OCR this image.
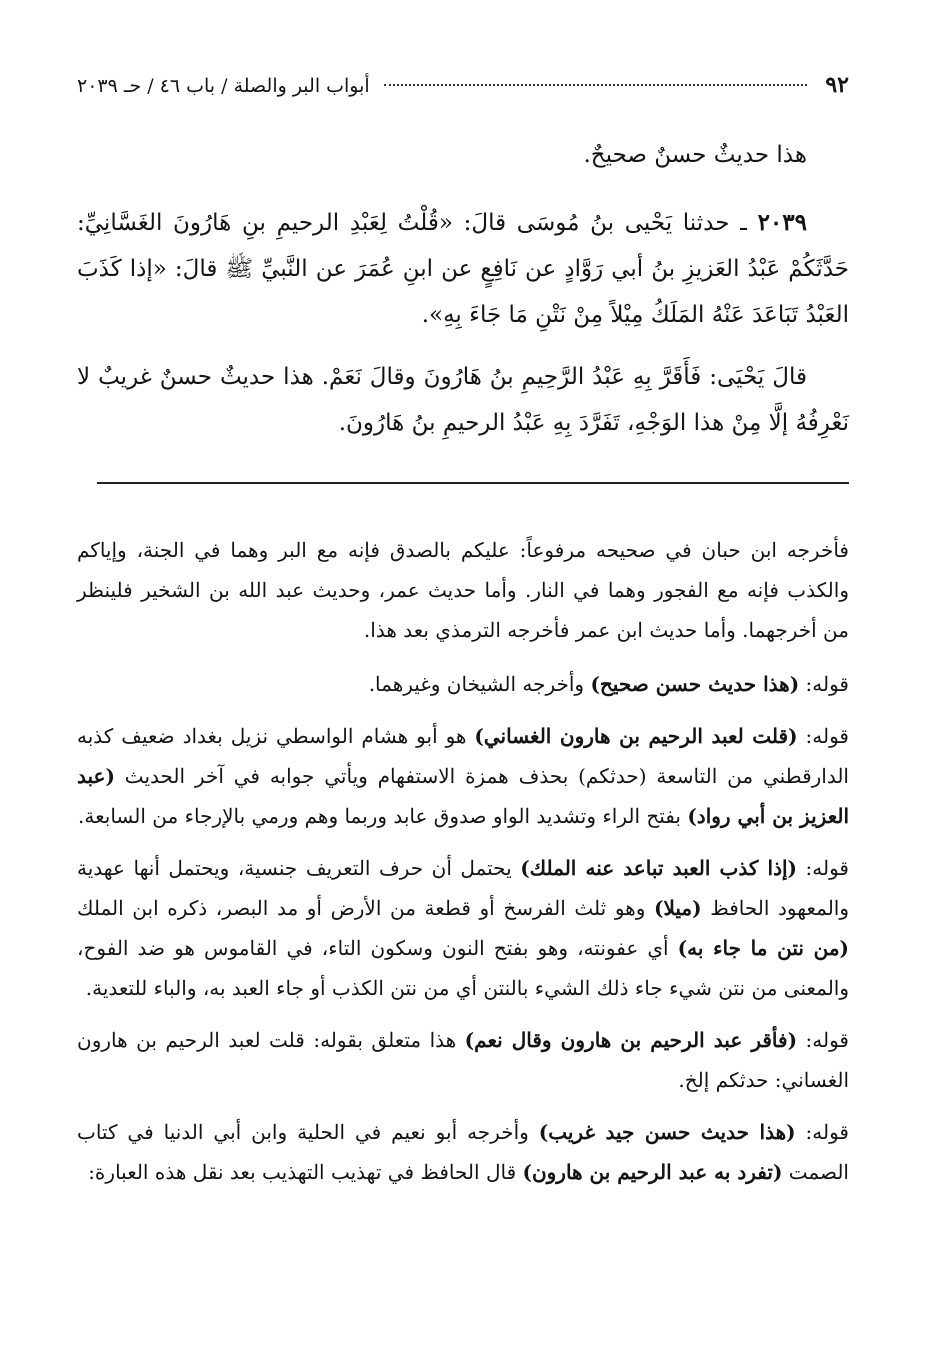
٩٢
أبواب البر والصلة / باب ٤٦ / حـ ٢٠٣٩

هذا حديثٌ حسنٌ صحيحٌ.

٢٠٣٩ ـ حدثنا يَحْيى بنُ مُوسَى قالَ: «قُلْتُ لِعَبْدِ الرحيمِ بنِ هَارُونَ الغَسَّانِيِّ: حَدَّثَكُمْ عَبْدُ العَزيزِ بنُ أبي رَوَّادٍ عن نَافِعٍ عن ابنِ عُمَرَ عن النَّبيِّ ﷺ قالَ: «إذا كَذَبَ العَبْدُ تَبَاعَدَ عَنْهُ المَلَكُ مِيْلاً مِنْ نَتْنِ مَا جَاءَ بِهِ».

قالَ يَحْيَى: فَأَقَرَّ بِهِ عَبْدُ الرَّحِيمِ بنُ هَارُونَ وقالَ نَعَمْ. هذا حديثٌ حسنٌ غريبٌ لا نَعْرِفُهُ إلَّا مِنْ هذا الوَجْهِ، تَفَرَّدَ بِهِ عَبْدُ الرحيمِ بنُ هَارُونَ.

فأخرجه ابن حبان في صحيحه مرفوعاً: عليكم بالصدق فإنه مع البر وهما في الجنة، وإياكم والكذب فإنه مع الفجور وهما في النار. وأما حديث عمر، وحديث عبد الله بن الشخير فلينظر من أخرجهما. وأما حديث ابن عمر فأخرجه الترمذي بعد هذا.

قوله: (هذا حديث حسن صحيح) وأخرجه الشيخان وغيرهما.

قوله: (قلت لعبد الرحيم بن هارون الغساني) هو أبو هشام الواسطي نزيل بغداد ضعيف كذبه الدارقطني من التاسعة (حدثكم) بحذف همزة الاستفهام ويأتي جوابه في آخر الحديث (عبد العزيز بن أبي رواد) بفتح الراء وتشديد الواو صدوق عابد وربما وهم ورمي بالإرجاء من السابعة.

قوله: (إذا كذب العبد تباعد عنه الملك) يحتمل أن حرف التعريف جنسية، ويحتمل أنها عهدية والمعهود الحافظ (ميلا) وهو ثلث الفرسخ أو قطعة من الأرض أو مد البصر، ذكره ابن الملك (من نتن ما جاء به) أي عفونته، وهو بفتح النون وسكون التاء، في القاموس هو ضد الفوح، والمعنى من نتن شيء جاء ذلك الشيء بالنتن أي من نتن الكذب أو جاء العبد به، والباء للتعدية.

قوله: (فأقر عبد الرحيم بن هارون وقال نعم) هذا متعلق بقوله: قلت لعبد الرحيم بن هارون الغساني: حدثكم إلخ.

قوله: (هذا حديث حسن جيد غريب) وأخرجه أبو نعيم في الحلية وابن أبي الدنيا في كتاب الصمت (تفرد به عبد الرحيم بن هارون) قال الحافظ في تهذيب التهذيب بعد نقل هذه العبارة:
